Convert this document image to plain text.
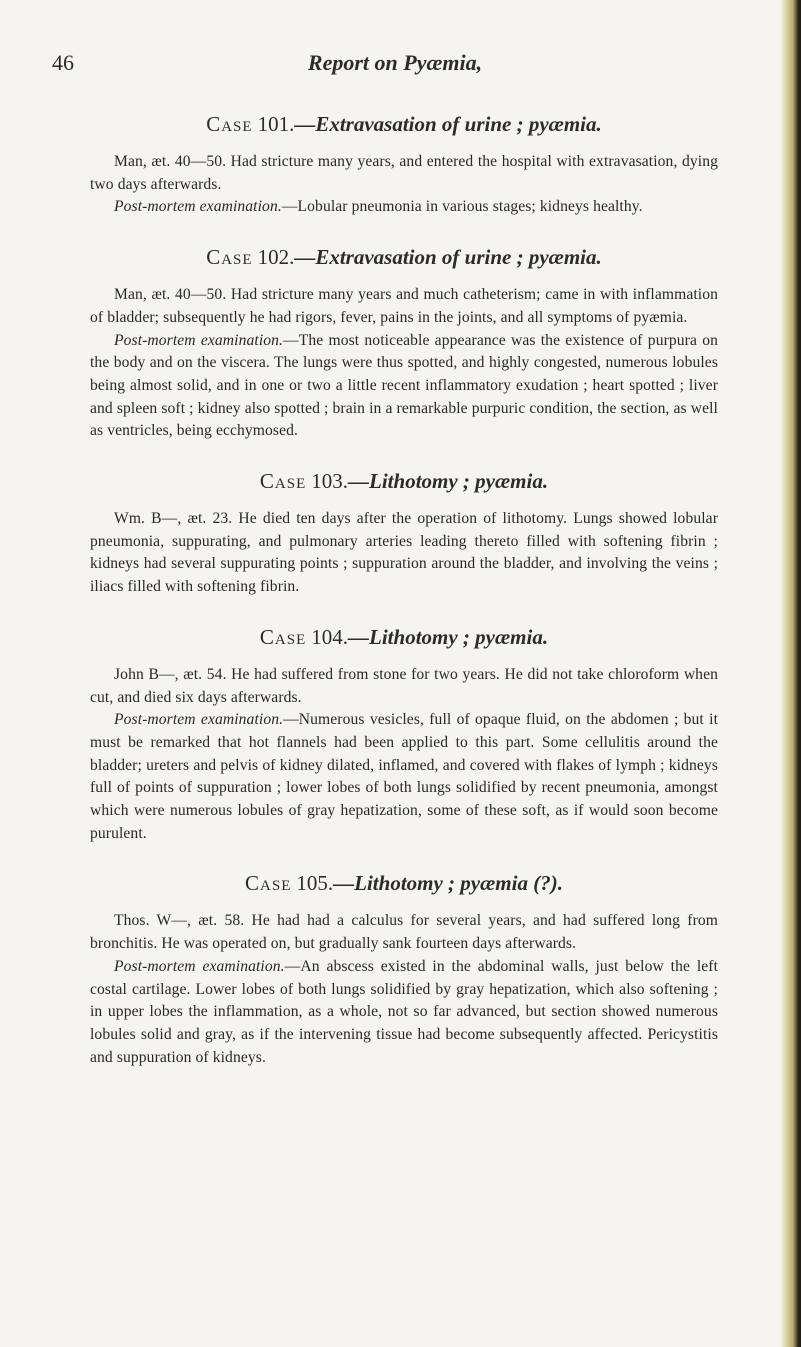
46	Report on Pyæmia,
Case 101.—Extravasation of urine ; pyæmia.

Man, æt. 40—50. Had stricture many years, and entered the hospital with extravasation, dying two days afterwards.

Post-mortem examination.—Lobular pneumonia in various stages; kidneys healthy.

Case 102.—Extravasation of urine ; pyæmia.

Man, æt. 40—50. Had stricture many years and much catheterism; came in with inflammation of bladder; subsequently he had rigors, fever, pains in the joints, and all symptoms of pyæmia.

Post-mortem examination.—The most noticeable appearance was the existence of purpura on the body and on the viscera. The lungs were thus spotted, and highly congested, numerous lobules being almost solid, and in one or two a little recent inflammatory exudation ; heart spotted ; liver and spleen soft ; kidney also spotted ; brain in a remarkable purpuric condition, the section, as well as ventricles, being ecchymosed.

Case 103.—Lithotomy ; pyæmia.

Wm. B—, æt. 23. He died ten days after the operation of lithotomy. Lungs showed lobular pneumonia, suppurating, and pulmonary arteries leading thereto filled with softening fibrin ; kidneys had several suppurating points ; suppuration around the bladder, and involving the veins ; iliacs filled with softening fibrin.

Case 104.—Lithotomy ; pyæmia.

John B—, æt. 54. He had suffered from stone for two years. He did not take chloroform when cut, and died six days afterwards.

Post-mortem examination.—Numerous vesicles, full of opaque fluid, on the abdomen ; but it must be remarked that hot flannels had been applied to this part. Some cellulitis around the bladder; ureters and pelvis of kidney dilated, inflamed, and covered with flakes of lymph ; kidneys full of points of suppuration ; lower lobes of both lungs solidified by recent pneumonia, amongst which were numerous lobules of gray hepatization, some of these soft, as if would soon become purulent.

Case 105.—Lithotomy ; pyæmia (?).

Thos. W—, æt. 58. He had had a calculus for several years, and had suffered long from bronchitis. He was operated on, but gradually sank fourteen days afterwards.

Post-mortem examination.—An abscess existed in the abdominal walls, just below the left costal cartilage. Lower lobes of both lungs solidified by gray hepatization, which also softening ; in upper lobes the inflammation, as a whole, not so far advanced, but section showed numerous lobules solid and gray, as if the intervening tissue had become subsequently affected. Pericystitis and suppuration of kidneys.
